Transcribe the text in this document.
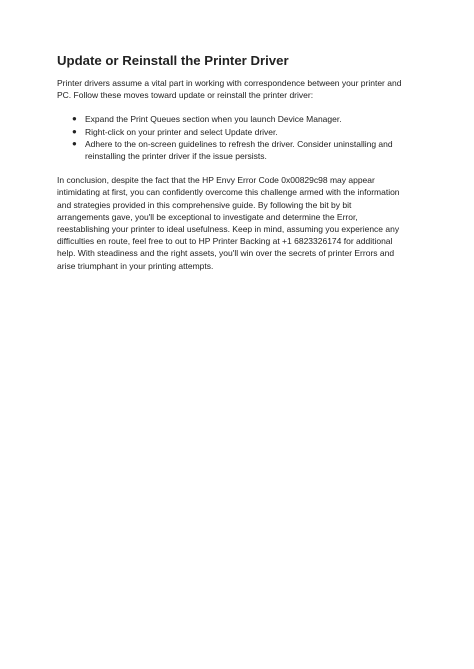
Update or Reinstall the Printer Driver

Printer drivers assume a vital part in working with correspondence between your printer and
PC. Follow these moves toward update or reinstall the printer driver:

● Expand the Print Queues section when you launch Device Manager.
● Right-click on your printer and select Update driver.
● Adhere to the on-screen guidelines to refresh the driver. Consider uninstalling and
reinstalling the printer driver if the issue persists.

In conclusion, despite the fact that the HP Envy Error Code 0x00829c98 may appear
intimidating at first, you can confidently overcome this challenge armed with the information
and strategies provided in this comprehensive guide. By following the bit by bit
arrangements gave, you'll be exceptional to investigate and determine the Error,
reestablishing your printer to ideal usefulness. Keep in mind, assuming you experience any
difficulties en route, feel free to out to HP Printer Backing at +1 6823326174 for additional
help. With steadiness and the right assets, you'll win over the secrets of printer Errors and
arise triumphant in your printing attempts.
